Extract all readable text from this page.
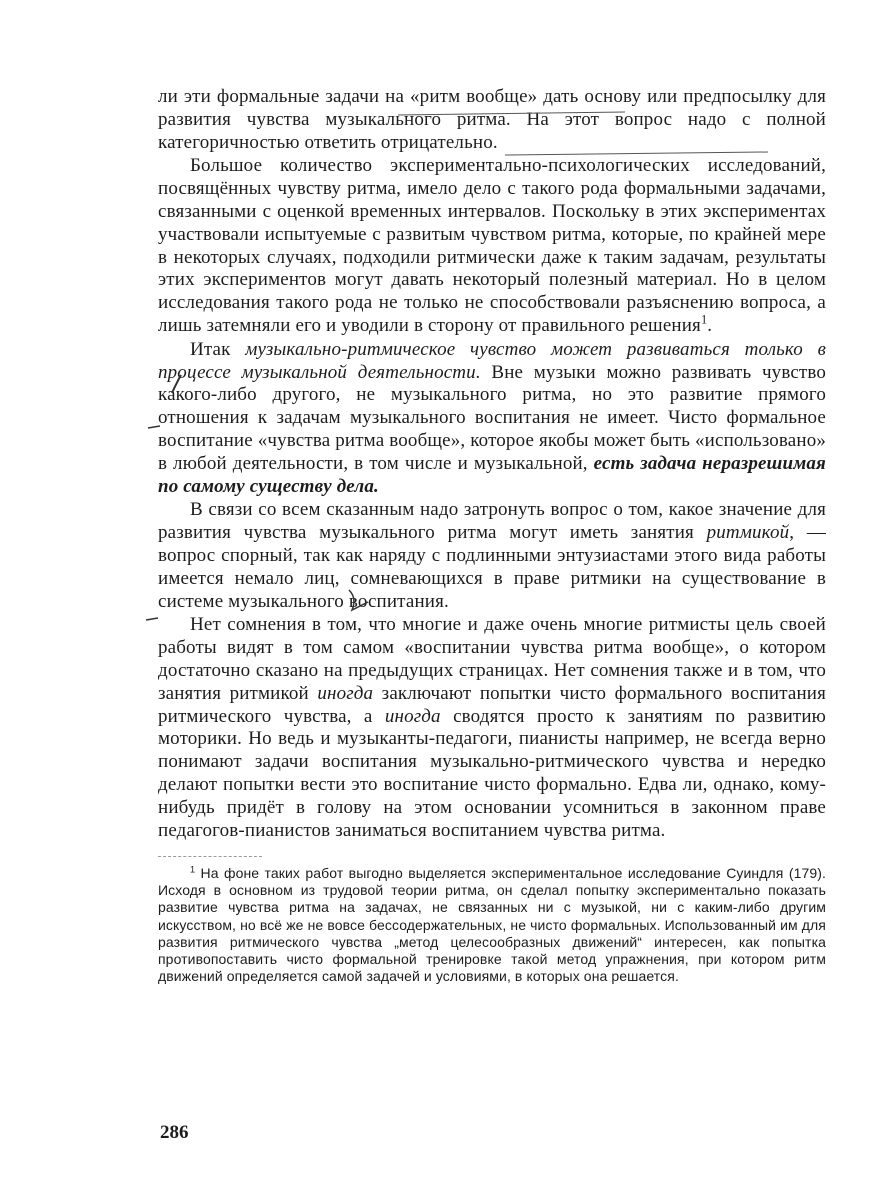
ли эти формальные задачи на «ритм вообще» дать основу или предпосылку для развития чувства музыкального ритма. На этот вопрос надо с полной категоричностью ответить отрицательно.

Большое количество экспериментально-психологических исследований, посвящённых чувству ритма, имело дело с такого рода формальными задачами, связанными с оценкой временных интервалов. Поскольку в этих экспериментах участвовали испытуемые с развитым чувством ритма, которые, по крайней мере в некоторых случаях, подходили ритмически даже к таким задачам, результаты этих экспериментов могут давать некоторый полезный материал. Но в целом исследования такого рода не только не способствовали разъяснению вопроса, а лишь затемняли его и уводили в сторону от правильного решения$^1$.

Итак музыкально-ритмическое чувство может развиваться только в процессе музыкальной деятельности. Вне музыки можно развивать чувство какого-либо другого, не музыкального ритма, но это развитие прямого отношения к задачам музыкального воспитания не имеет. Чисто формальное воспитание «чувства ритма вообще», которое якобы может быть «использовано» в любой деятельности, в том числе и музыкальной, есть задача неразрешимая по самому существу дела.

В связи со всем сказанным надо затронуть вопрос о том, какое значение для развития чувства музыкального ритма могут иметь занятия ритмикой, — вопрос спорный, так как наряду с подлинными энтузиастами этого вида работы имеется немало лиц, сомневающихся в праве ритмики на существование в системе музыкального воспитания.

Нет сомнения в том, что многие и даже очень многие ритмисты цель своей работы видят в том самом «воспитании чувства ритма вообще», о котором достаточно сказано на предыдущих страницах. Нет сомнения также и в том, что занятия ритмикой иногда заключают попытки чисто формального воспитания ритмического чувства, а иногда сводятся просто к занятиям по развитию моторики. Но ведь и музыканты-педагоги, пианисты например, не всегда верно понимают задачи воспитания музыкально-ритмического чувства и нередко делают попытки вести это воспитание чисто формально. Едва ли, однако, кому-нибудь придёт в голову на этом основании усомниться в законном праве педагогов-пианистов заниматься воспитанием чувства ритма.

$^1$ На фоне таких работ выгодно выделяется экспериментальное исследование Суиндля (179). Исходя в основном из трудовой теории ритма, он сделал попытку экспериментально показать развитие чувства ритма на задачах, не связанных ни с музыкой, ни с каким-либо другим искусством, но всё же не вовсе бессодержательных, не чисто формальных. Использованный им для развития ритмического чувства „метод целесообразных движений“ интересен, как попытка противопоставить чисто формальной тренировке такой метод упражнения, при котором ритм движений определяется самой задачей и условиями, в которых она решается.

286
